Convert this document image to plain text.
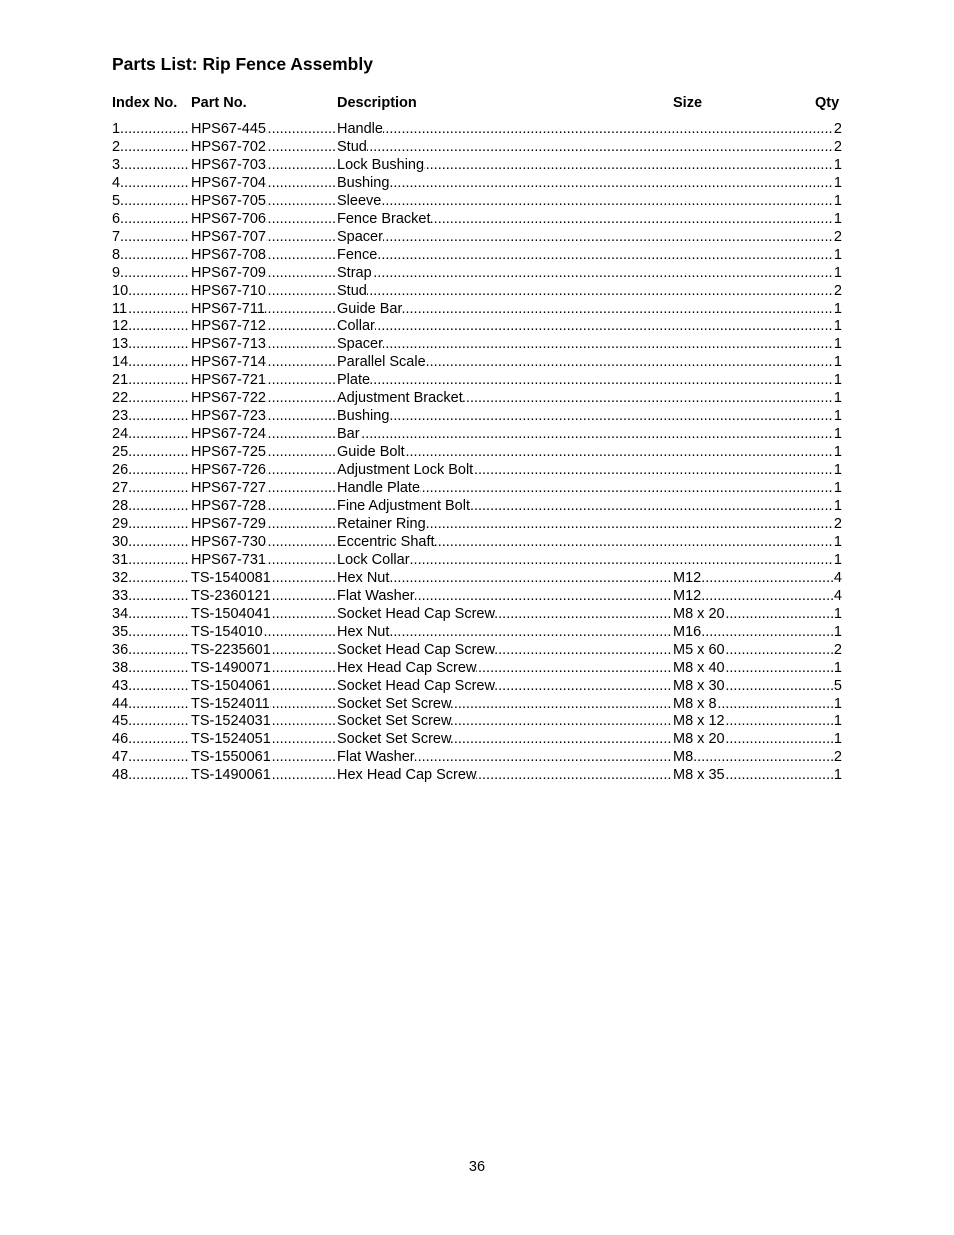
Parts List: Rip Fence Assembly
Index No. Part No.	Description	Size	Qty
1 .....	HPS67-445 .....	Handle .....	2
2 .....	HPS67-702 .....	Stud .....	2
3 .....	HPS67-703 .....	Lock Bushing .....	1
4 .....	HPS67-704 .....	Bushing .....	1
5 .....	HPS67-705 .....	Sleeve .....	1
6 .....	HPS67-706 .....	Fence Bracket .....	1
7 .....	HPS67-707 .....	Spacer .....	2
8 .....	HPS67-708 .....	Fence .....	1
9 .....	HPS67-709 .....	Strap .....	1
10 .....	HPS67-710 .....	Stud .....	2
11 .....	HPS67-711 .....	Guide Bar .....	1
12 .....	HPS67-712 .....	Collar .....	1
13 .....	HPS67-713 .....	Spacer .....	1
14 .....	HPS67-714 .....	Parallel Scale .....	1
21 .....	HPS67-721 .....	Plate .....	1
22 .....	HPS67-722 .....	Adjustment Bracket .....	1
23 .....	HPS67-723 .....	Bushing .....	1
24 .....	HPS67-724 .....	Bar .....	1
25 .....	HPS67-725 .....	Guide Bolt .....	1
26 .....	HPS67-726 .....	Adjustment Lock Bolt .....	1
27 .....	HPS67-727 .....	Handle Plate .....	1
28 .....	HPS67-728 .....	Fine Adjustment Bolt .....	1
29 .....	HPS67-729 .....	Retainer Ring .....	2
30 .....	HPS67-730 .....	Eccentric Shaft .....	1
31 .....	HPS67-731 .....	Lock Collar .....	1
32 .....	TS-1540081 .....	Hex Nut .....	M12 .....	4
33 .....	TS-2360121 .....	Flat Washer .....	M12 .....	4
34 .....	TS-1504041 .....	Socket Head Cap Screw .....	M8 x 20 .....	1
35 .....	TS-154010 .....	Hex Nut .....	M16 .....	1
36 .....	TS-2235601 .....	Socket Head Cap Screw .....	M5 x 60 .....	2
38 .....	TS-1490071 .....	Hex Head Cap Screw .....	M8 x 40 .....	1
43 .....	TS-1504061 .....	Socket Head Cap Screw .....	M8 x 30 .....	5
44 .....	TS-1524011 .....	Socket Set Screw .....	M8 x 8 .....	1
45 .....	TS-1524031 .....	Socket Set Screw .....	M8 x 12 .....	1
46 .....	TS-1524051 .....	Socket Set Screw .....	M8 x 20 .....	1
47 .....	TS-1550061 .....	Flat Washer .....	M8 .....	2
48 .....	TS-1490061 .....	Hex Head Cap Screw .....	M8 x 35 .....	1
36
